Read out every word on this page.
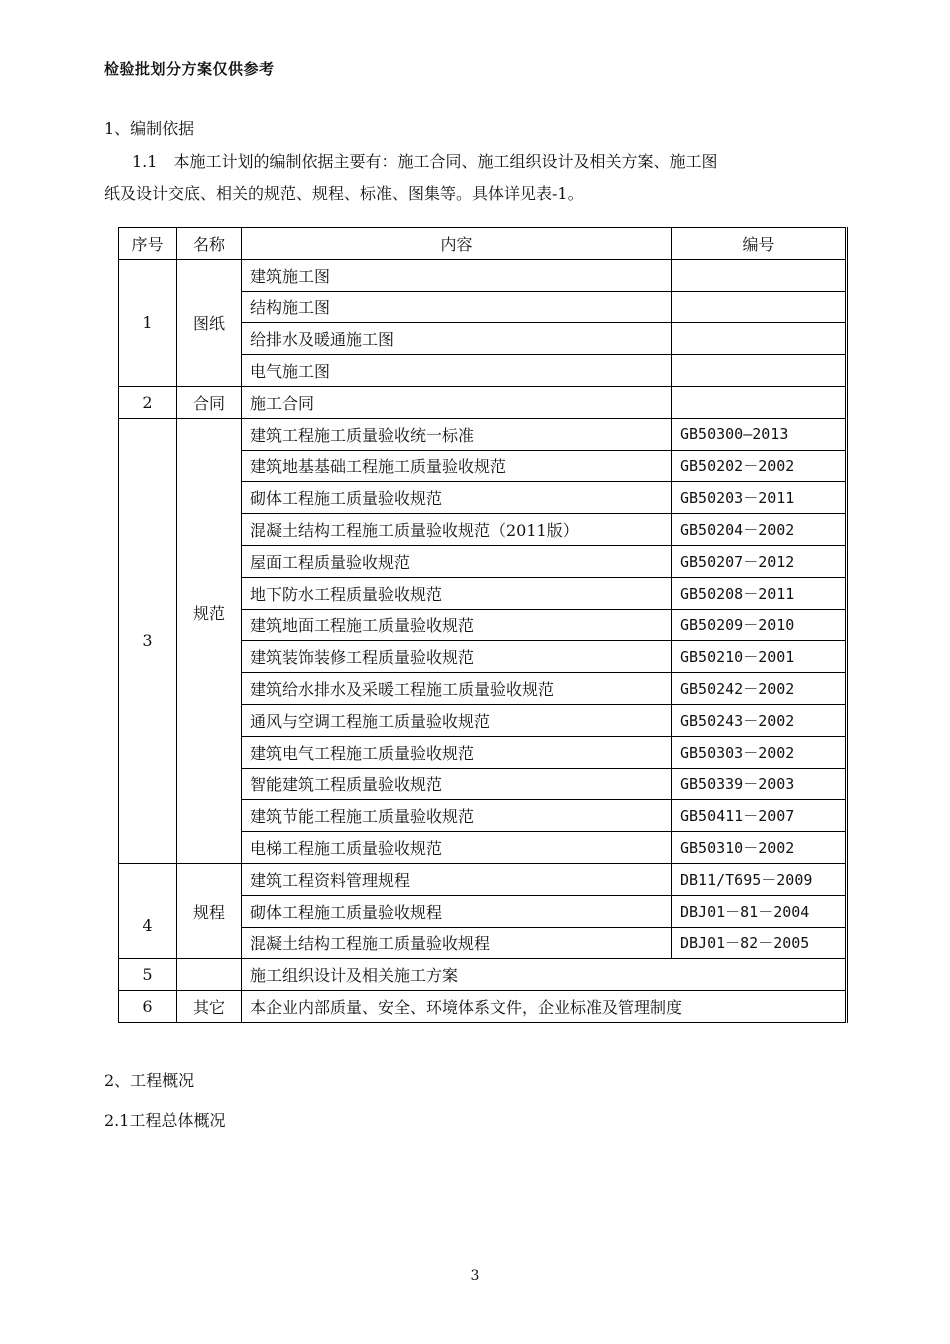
检验批划分方案仅供参考
1、编制依据
1.1　本施工计划的编制依据主要有：施工合同、施工组织设计及相关方案、施工图
纸及设计交底、相关的规范、规程、标准、图集等。具体详见表-1。
序号	名称	内容	编号
1	图纸	建筑施工图	
		结构施工图	
		给排水及暖通施工图	
		电气施工图	
2	合同	施工合同	
3	规范	建筑工程施工质量验收统一标准	GB50300—2013
		建筑地基基础工程施工质量验收规范	GB50202－2002
		砌体工程施工质量验收规范	GB50203－2011
		混凝土结构工程施工质量验收规范（2011版）	GB50204－2002
		屋面工程质量验收规范	GB50207－2012
		地下防水工程质量验收规范	GB50208－2011
		建筑地面工程施工质量验收规范	GB50209－2010
		建筑装饰装修工程质量验收规范	GB50210－2001
		建筑给水排水及采暖工程施工质量验收规范	GB50242－2002
		通风与空调工程施工质量验收规范	GB50243－2002
		建筑电气工程施工质量验收规范	GB50303－2002
		智能建筑工程质量验收规范	GB50339－2003
		建筑节能工程施工质量验收规范	GB50411－2007
		电梯工程施工质量验收规范	GB50310－2002
4	规程	建筑工程资料管理规程	DB11/T695－2009
		砌体工程施工质量验收规程	DBJ01－81－2004
		混凝土结构工程施工质量验收规程	DBJ01－82－2005
5		施工组织设计及相关施工方案	
6	其它	本企业内部质量、安全、环境体系文件，企业标准及管理制度	
2、工程概况
2.1工程总体概况
3
